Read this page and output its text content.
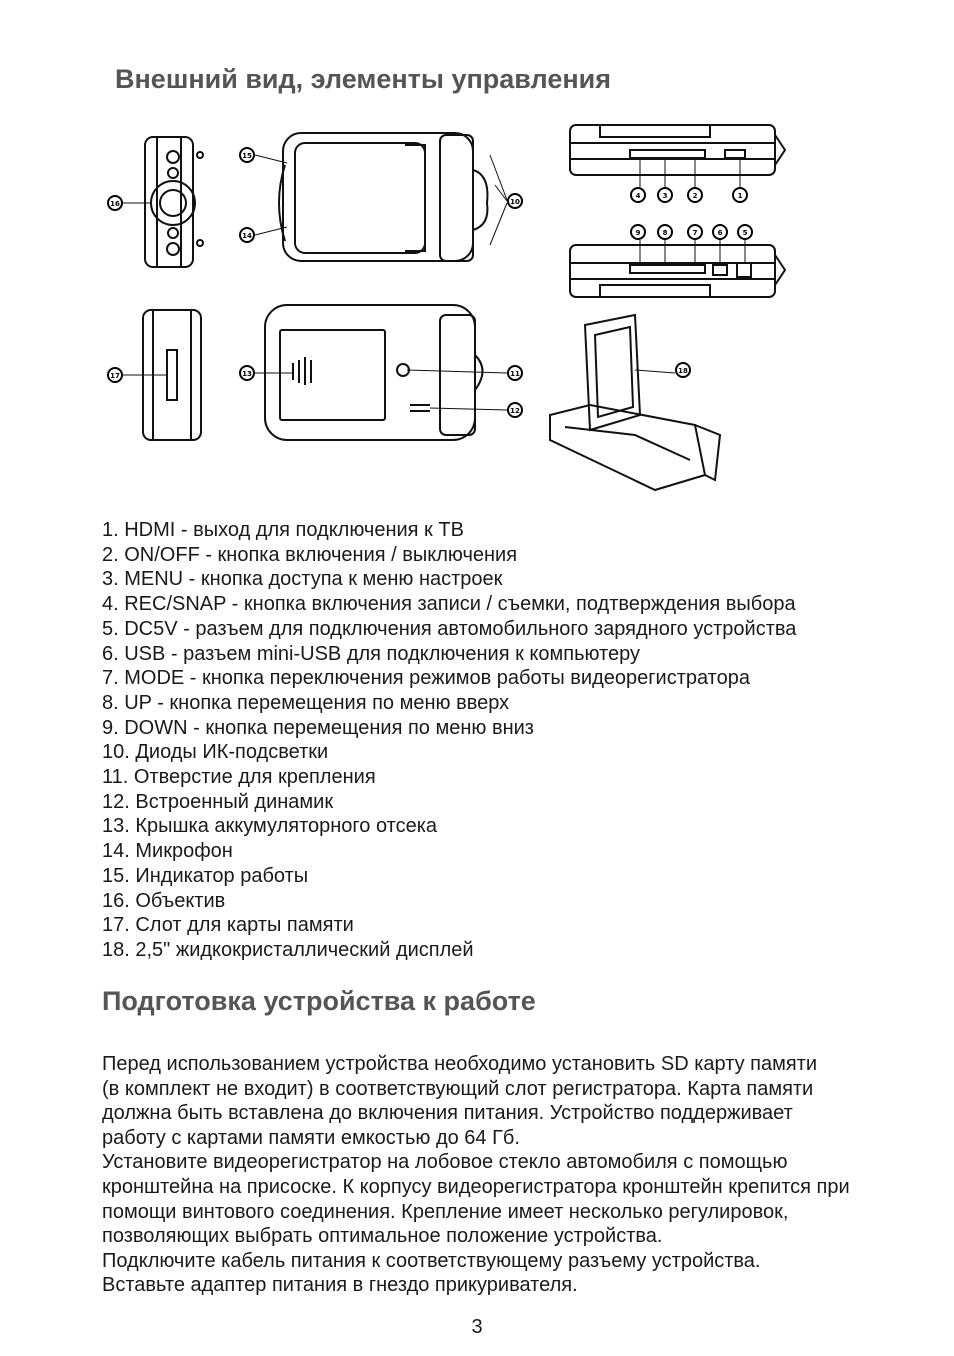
Внешний вид, элементы управления
1
2
3
4
5
6
7
8
9
10
11
12
13
14
15
16
17
18
1. HDMI - выход для подключения к ТВ
2. ON/OFF - кнопка включения / выключения
3. MENU - кнопка доступа к меню настроек
4. REC/SNAP - кнопка включения записи / съемки, подтверждения выбора
5. DC5V - разъем для подключения автомобильного зарядного устройства
6. USB - разъем mini-USB для подключения к компьютеру
7. MODE - кнопка переключения режимов работы видеорегистратора
8. UP - кнопка перемещения по меню вверх
9. DOWN - кнопка перемещения по меню вниз
10. Диоды ИК-подсветки
11. Отверстие для крепления
12. Встроенный динамик
13. Крышка аккумуляторного отсека
14. Микрофон
15. Индикатор работы
16. Объектив
17. Слот для карты памяти
18. 2,5" жидкокристаллический дисплей
Подготовка устройства к работе
Перед использованием устройства необходимо установить SD карту памяти
(в комплект не входит) в соответствующий слот регистратора. Карта памяти
должна быть вставлена до включения питания. Устройство поддерживает
работу с картами памяти емкостью до 64 Гб.
Установите видеорегистратор на лобовое стекло автомобиля с помощью
кронштейна на присоске. К корпусу видеорегистратора кронштейн крепится при
помощи винтового соединения. Крепление имеет несколько регулировок,
позволяющих выбрать оптимальное положение устройства.
Подключите кабель питания к соответствующему разъему устройства.
Вставьте адаптер питания в гнездо прикуривателя.
3
